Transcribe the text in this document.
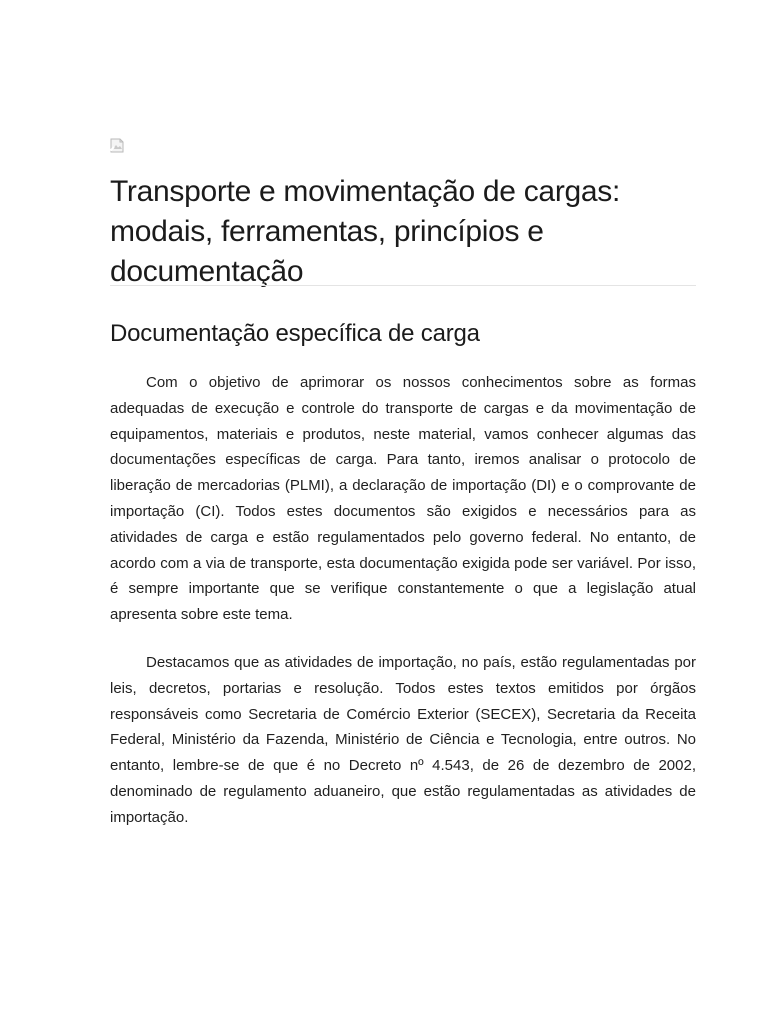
Transporte e movimentação de cargas: modais, ferramentas, princípios e documentação
Documentação específica de carga

Com o objetivo de aprimorar os nossos conhecimentos sobre as formas adequadas de execução e controle do transporte de cargas e da movimentação de equipamentos, materiais e produtos, neste material, vamos conhecer algumas das documentações específicas de carga. Para tanto, iremos analisar o protocolo de liberação de mercadorias (PLMI), a declaração de importação (DI) e o comprovante de importação (CI). Todos estes documentos são exigidos e necessários para as atividades de carga e estão regulamentados pelo governo federal. No entanto, de acordo com a via de transporte, esta documentação exigida pode ser variável. Por isso, é sempre importante que se verifique constantemente o que a legislação atual apresenta sobre este tema.

Destacamos que as atividades de importação, no país, estão regulamentadas por leis, decretos, portarias e resolução. Todos estes textos emitidos por órgãos responsáveis como Secretaria de Comércio Exterior (SECEX), Secretaria da Receita Federal, Ministério da Fazenda, Ministério de Ciência e Tecnologia, entre outros. No entanto, lembre-se de que é no Decreto nº 4.543, de 26 de dezembro de 2002, denominado de regulamento aduaneiro, que estão regulamentadas as atividades de importação.
